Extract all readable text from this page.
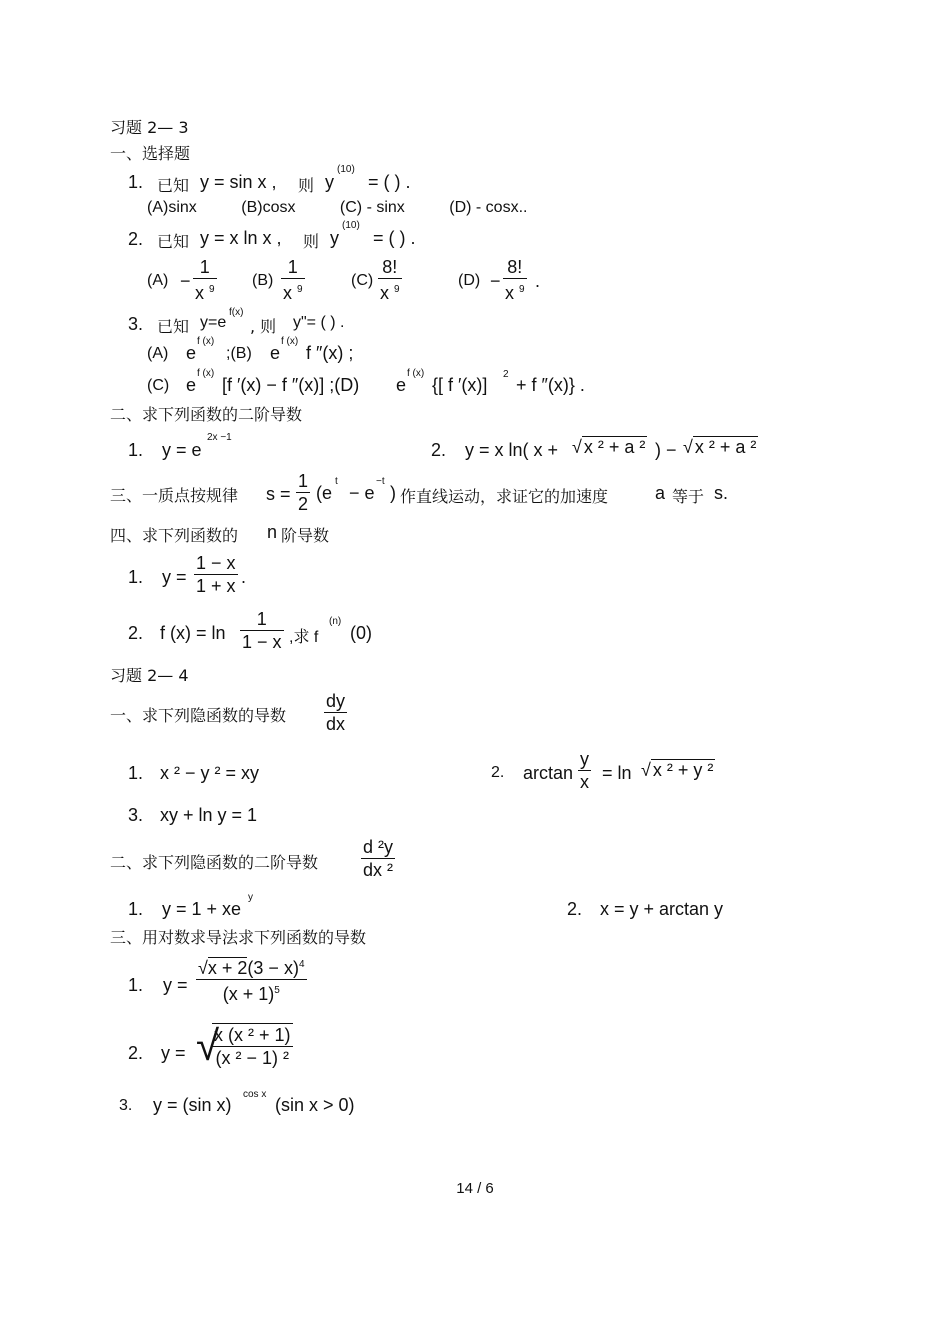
习题 2— 3
一、选择题
1. 已知 y = sin x , 则 y
(10)
= ( ) .
(A)sinx          (B)cosx          (C) - sinx          (D) - cosx..
2. 已知 y = x ln x , 则 y
(10)
= ( ) .
(A) −
1
x $^9$
(B)
1
x $^9$
(C)
8!
x $^9$
(D) −
8!
x $^9$ .
3. 已知 y=e
f(x)
, 则 y"= ( ) .
(A) e
f (x)
;(B) e
f (x)
f ″(x) ;
(C) e
f (x)
[f ′(x) − f ″(x)] ;(D) e
f (x)
{[ f ′(x)]
2
+ f ″(x)} .
二、求下列函数的二阶导数
1. y = e
2x −1
2. y = x ln( x + √ x ² + a ² ) − √ x ² + a ²
三、一质点按规律 s =
1
2
(e
t
− e
−t
) 作直线运动，求证它的加速度	a 等于 s.
四、求下列函数的 n 阶导数
1. y =
1 − x
1 + x .
2. f (x) = ln
1
1 − x ,求 f
(n)
(0)
习题 2— 4
一、求下列隐函数的导数
dy
dx
1. x ² − y ² = xy	2. arctan
y
x = ln √ x ² + y ²
3. xy + ln y = 1
二、求下列隐函数的二阶导数
d ²y
dx ²
1. y = 1 + xe
y
2. x = y + arctan y
三、用对数求导法求下列函数的导数
1. y =
$√x + 2(3 - x)^4$
$(x + 1)^5$
2. y = √
x (x ² + 1)
(x ² − 1) ²
3. y = (sin x)
cos x
(sin x > 0)
14 / 6
